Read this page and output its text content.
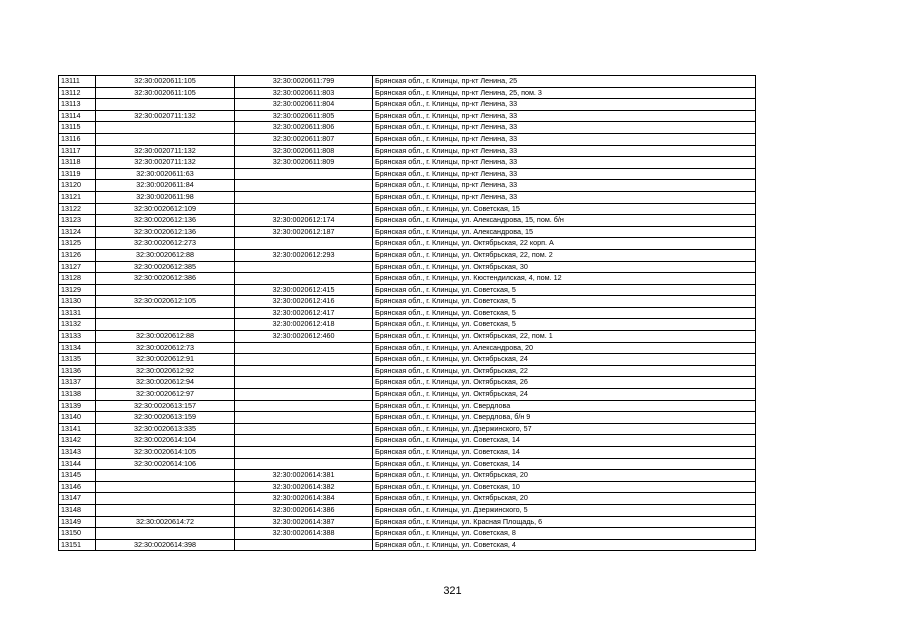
13111	32:30:0020611:105	32:30:0020611:799	Брянская обл., г. Клинцы, пр-кт Ленина, 25
13112	32:30:0020611:105	32:30:0020611:803	Брянская обл., г. Клинцы, пр-кт Ленина, 25, пом. 3
13113		32:30:0020611:804	Брянская обл., г. Клинцы, пр-кт Ленина, 33
13114	32:30:0020711:132	32:30:0020611:805	Брянская обл., г. Клинцы, пр-кт Ленина, 33
13115		32:30:0020611:806	Брянская обл., г. Клинцы, пр-кт Ленина, 33
13116		32:30:0020611:807	Брянская обл., г. Клинцы, пр-кт Ленина, 33
13117	32:30:0020711:132	32:30:0020611:808	Брянская обл., г. Клинцы, пр-кт Ленина, 33
13118	32:30:0020711:132	32:30:0020611:809	Брянская обл., г. Клинцы, пр-кт Ленина, 33
13119	32:30:0020611:63		Брянская обл., г. Клинцы, пр-кт Ленина, 33
13120	32:30:0020611:84		Брянская обл., г. Клинцы, пр-кт Ленина, 33
13121	32:30:0020611:98		Брянская обл., г. Клинцы, пр-кт Ленина, 33
13122	32:30:0020612:109		Брянская обл., г. Клинцы, ул. Советская, 15
13123	32:30:0020612:136	32:30:0020612:174	Брянская обл., г. Клинцы, ул. Александрова, 15, пом. б/н
13124	32:30:0020612:136	32:30:0020612:187	Брянская обл., г. Клинцы, ул. Александрова, 15
13125	32:30:0020612:273		Брянская обл., г. Клинцы, ул. Октябрьская, 22 корп. А
13126	32:30:0020612:88	32:30:0020612:293	Брянская обл., г. Клинцы, ул. Октябрьская, 22, пом. 2
13127	32:30:0020612:385		Брянская обл., г. Клинцы, ул. Октябрьская, 30
13128	32:30:0020612:386		Брянская обл., г. Клинцы, ул. Кюстендилская, 4, пом. 12
13129		32:30:0020612:415	Брянская обл., г. Клинцы, ул. Советская, 5
13130	32:30:0020612:105	32:30:0020612:416	Брянская обл., г. Клинцы, ул. Советская, 5
13131		32:30:0020612:417	Брянская обл., г. Клинцы, ул. Советская, 5
13132		32:30:0020612:418	Брянская обл., г. Клинцы, ул. Советская, 5
13133	32:30:0020612:88	32:30:0020612:460	Брянская обл., г. Клинцы, ул. Октябрьская, 22, пом. 1
13134	32:30:0020612:73		Брянская обл., г. Клинцы, ул. Александрова, 20
13135	32:30:0020612:91		Брянская обл., г. Клинцы, ул. Октябрьская, 24
13136	32:30:0020612:92		Брянская обл., г. Клинцы, ул. Октябрьская, 22
13137	32:30:0020612:94		Брянская обл., г. Клинцы, ул. Октябрьская, 26
13138	32:30:0020612:97		Брянская обл., г. Клинцы, ул. Октябрьская, 24
13139	32:30:0020613:157		Брянская обл., г. Клинцы, ул. Свердлова
13140	32:30:0020613:159		Брянская обл., г. Клинцы, ул. Свердлова, б/н 9
13141	32:30:0020613:335		Брянская обл., г. Клинцы, ул. Дзержинского, 57
13142	32:30:0020614:104		Брянская обл., г. Клинцы, ул. Советская, 14
13143	32:30:0020614:105		Брянская обл., г. Клинцы, ул. Советская, 14
13144	32:30:0020614:106		Брянская обл., г. Клинцы, ул. Советская, 14
13145		32:30:0020614:381	Брянская обл., г. Клинцы, ул. Октябрьская, 20
13146		32:30:0020614:382	Брянская обл., г. Клинцы, ул. Советская, 10
13147		32:30:0020614:384	Брянская обл., г. Клинцы, ул. Октябрьская, 20
13148		32:30:0020614:386	Брянская обл., г. Клинцы, ул. Дзержинского, 5
13149	32:30:0020614:72	32:30:0020614:387	Брянская обл., г. Клинцы, ул. Красная Площадь, 6
13150		32:30:0020614:388	Брянская обл., г. Клинцы, ул. Советская, 8
13151	32:30:0020614:398		Брянская обл., г. Клинцы, ул. Советская, 4
321
